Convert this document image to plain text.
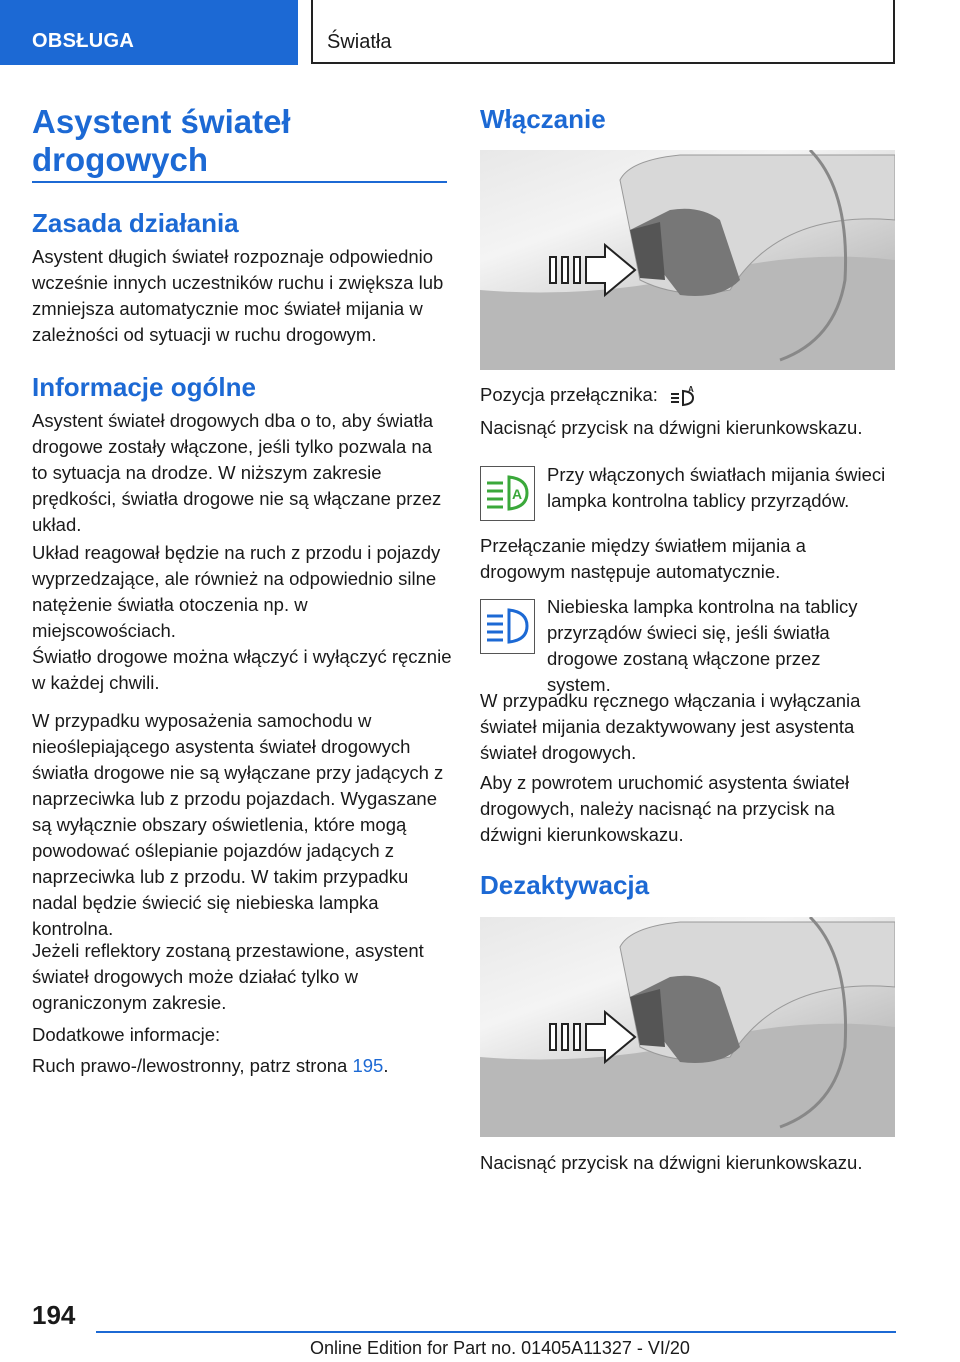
OBSŁUGA	Światła
Asystent świateł drogowych
Zasada działania
Asystent długich świateł rozpoznaje odpowiednio wcześnie innych uczestników ruchu i zwiększa lub zmniejsza automatycznie moc świateł mijania w zależności od sytuacji w ruchu drogowym.
Informacje ogólne
Asystent świateł drogowych dba o to, aby światła drogowe zostały włączone, jeśli tylko pozwala na to sytuacja na drodze. W niższym zakresie prędkości, światła drogowe nie są włączane przez układ.
Układ reagował będzie na ruch z przodu i pojazdy wyprzedzające, ale również na odpowiednio silne natężenie światła otoczenia np. w miejscowościach.
Światło drogowe można włączyć i wyłączyć ręcznie w każdej chwili.
W przypadku wyposażenia samochodu w nieoślepiającego asystenta świateł drogowych światła drogowe nie są wyłączane przy jadących z naprzeciwka lub z przodu pojazdach. Wygaszane są wyłącznie obszary oświetlenia, które mogą powodować oślepianie pojazdów jadących z naprzeciwka lub z przodu. W takim przypadku nadal będzie świecić się niebieska lampka kontrolna.
Jeżeli reflektory zostaną przestawione, asystent świateł drogowych może działać tylko w ograniczonym zakresie.
Dodatkowe informacje:
Ruch prawo-/lewostronny, patrz strona 195.
Włączanie
Pozycja przełącznika:	A
Nacisnąć przycisk na dźwigni kierunkowskazu.
A
Przy włączonych światłach mijania świeci lampka kontrolna tablicy przyrządów.
Przełączanie między światłem mijania a drogowym następuje automatycznie.
Niebieska lampka kontrolna na tablicy przyrządów świeci się, jeśli światła drogowe zostaną włączone przez system.
W przypadku ręcznego włączania i wyłączania świateł mijania dezaktywowany jest asystenta świateł drogowych.
Aby z powrotem uruchomić asystenta świateł drogowych, należy nacisnąć na przycisk na dźwigni kierunkowskazu.
Dezaktywacja
Nacisnąć przycisk na dźwigni kierunkowskazu.
194
Online Edition for Part no. 01405A11327 - VI/20
